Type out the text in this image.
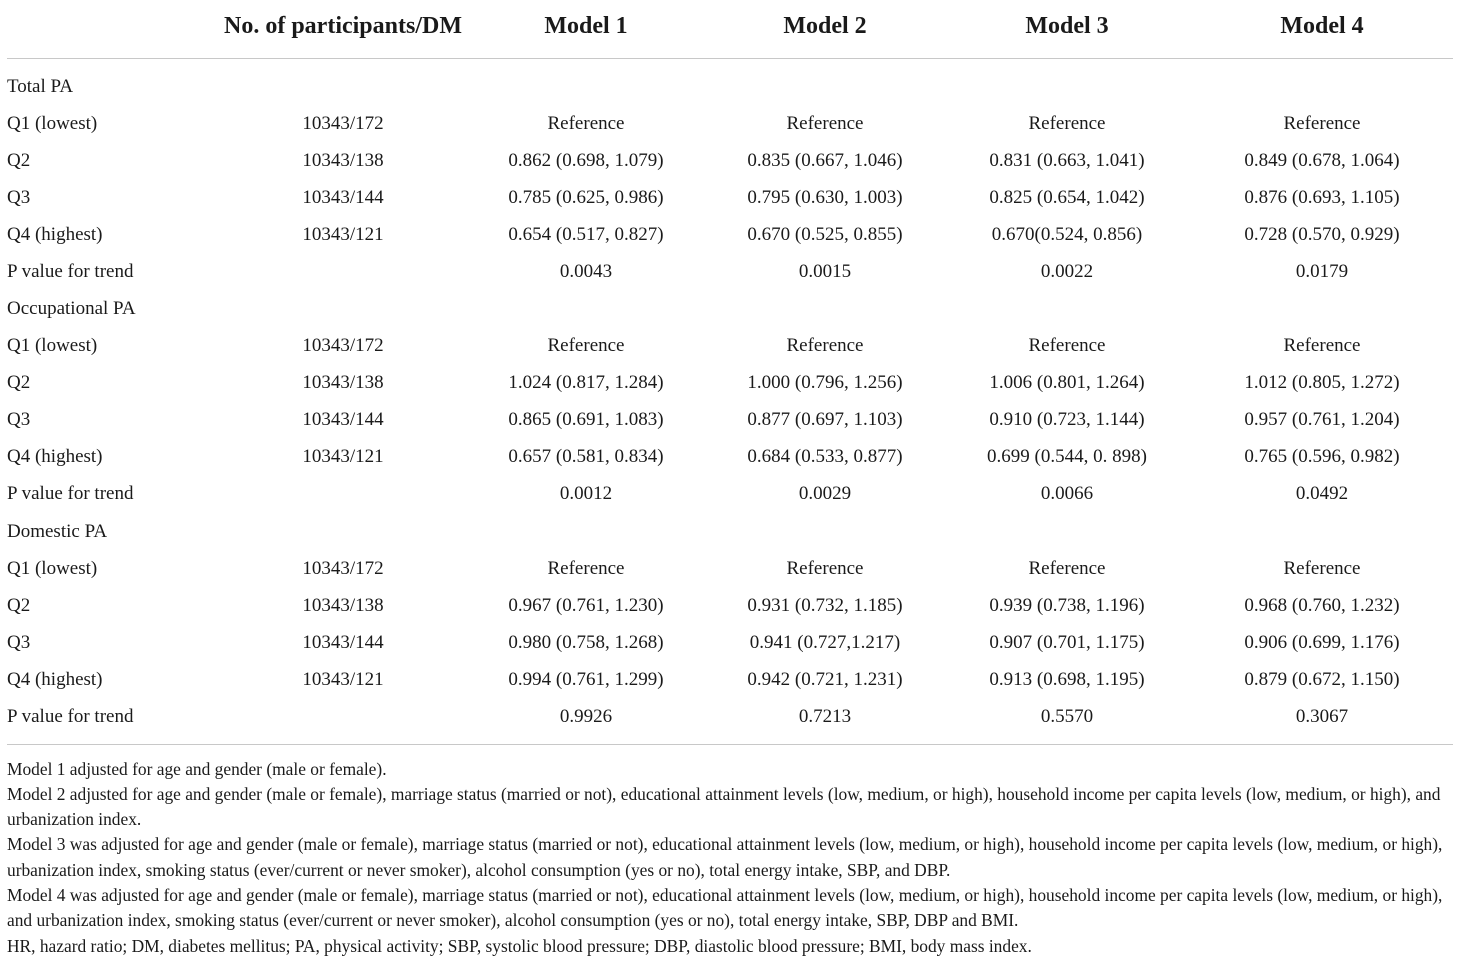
	No. of participants/DM	Model 1	Model 2	Model 3	Model 4
Total PA					
Q1 (lowest)	10343/172	Reference	Reference	Reference	Reference
Q2	10343/138	0.862 (0.698, 1.079)	0.835 (0.667, 1.046)	0.831 (0.663, 1.041)	0.849 (0.678, 1.064)
Q3	10343/144	0.785 (0.625, 0.986)	0.795 (0.630, 1.003)	0.825 (0.654, 1.042)	0.876 (0.693, 1.105)
Q4 (highest)	10343/121	0.654 (0.517, 0.827)	0.670 (0.525, 0.855)	0.670(0.524, 0.856)	0.728 (0.570, 0.929)
P value for trend		0.0043	0.0015	0.0022	0.0179
Occupational PA					
Q1 (lowest)	10343/172	Reference	Reference	Reference	Reference
Q2	10343/138	1.024 (0.817, 1.284)	1.000 (0.796, 1.256)	1.006 (0.801, 1.264)	1.012 (0.805, 1.272)
Q3	10343/144	0.865 (0.691, 1.083)	0.877 (0.697, 1.103)	0.910 (0.723, 1.144)	0.957 (0.761, 1.204)
Q4 (highest)	10343/121	0.657 (0.581, 0.834)	0.684 (0.533, 0.877)	0.699 (0.544, 0. 898)	0.765 (0.596, 0.982)
P value for trend		0.0012	0.0029	0.0066	0.0492
Domestic PA					
Q1 (lowest)	10343/172	Reference	Reference	Reference	Reference
Q2	10343/138	0.967 (0.761, 1.230)	0.931 (0.732, 1.185)	0.939 (0.738, 1.196)	0.968 (0.760, 1.232)
Q3	10343/144	0.980 (0.758, 1.268)	0.941 (0.727,1.217)	0.907 (0.701, 1.175)	0.906 (0.699, 1.176)
Q4 (highest)	10343/121	0.994 (0.761, 1.299)	0.942 (0.721, 1.231)	0.913 (0.698, 1.195)	0.879 (0.672, 1.150)
P value for trend		0.9926	0.7213	0.5570	0.3067

Model 1 adjusted for age and gender (male or female).

Model 2 adjusted for age and gender (male or female), marriage status (married or not), educational attainment levels (low, medium, or high), household income per capita levels (low, medium, or high), and urbanization index.

Model 3 was adjusted for age and gender (male or female), marriage status (married or not), educational attainment levels (low, medium, or high), household income per capita levels (low, medium, or high), urbanization index, smoking status (ever/current or never smoker), alcohol consumption (yes or no), total energy intake, SBP, and DBP.

Model 4 was adjusted for age and gender (male or female), marriage status (married or not), educational attainment levels (low, medium, or high), household income per capita levels (low, medium, or high), and urbanization index, smoking status (ever/current or never smoker), alcohol consumption (yes or no), total energy intake, SBP, DBP and BMI.

HR, hazard ratio; DM, diabetes mellitus; PA, physical activity; SBP, systolic blood pressure; DBP, diastolic blood pressure; BMI, body mass index.
